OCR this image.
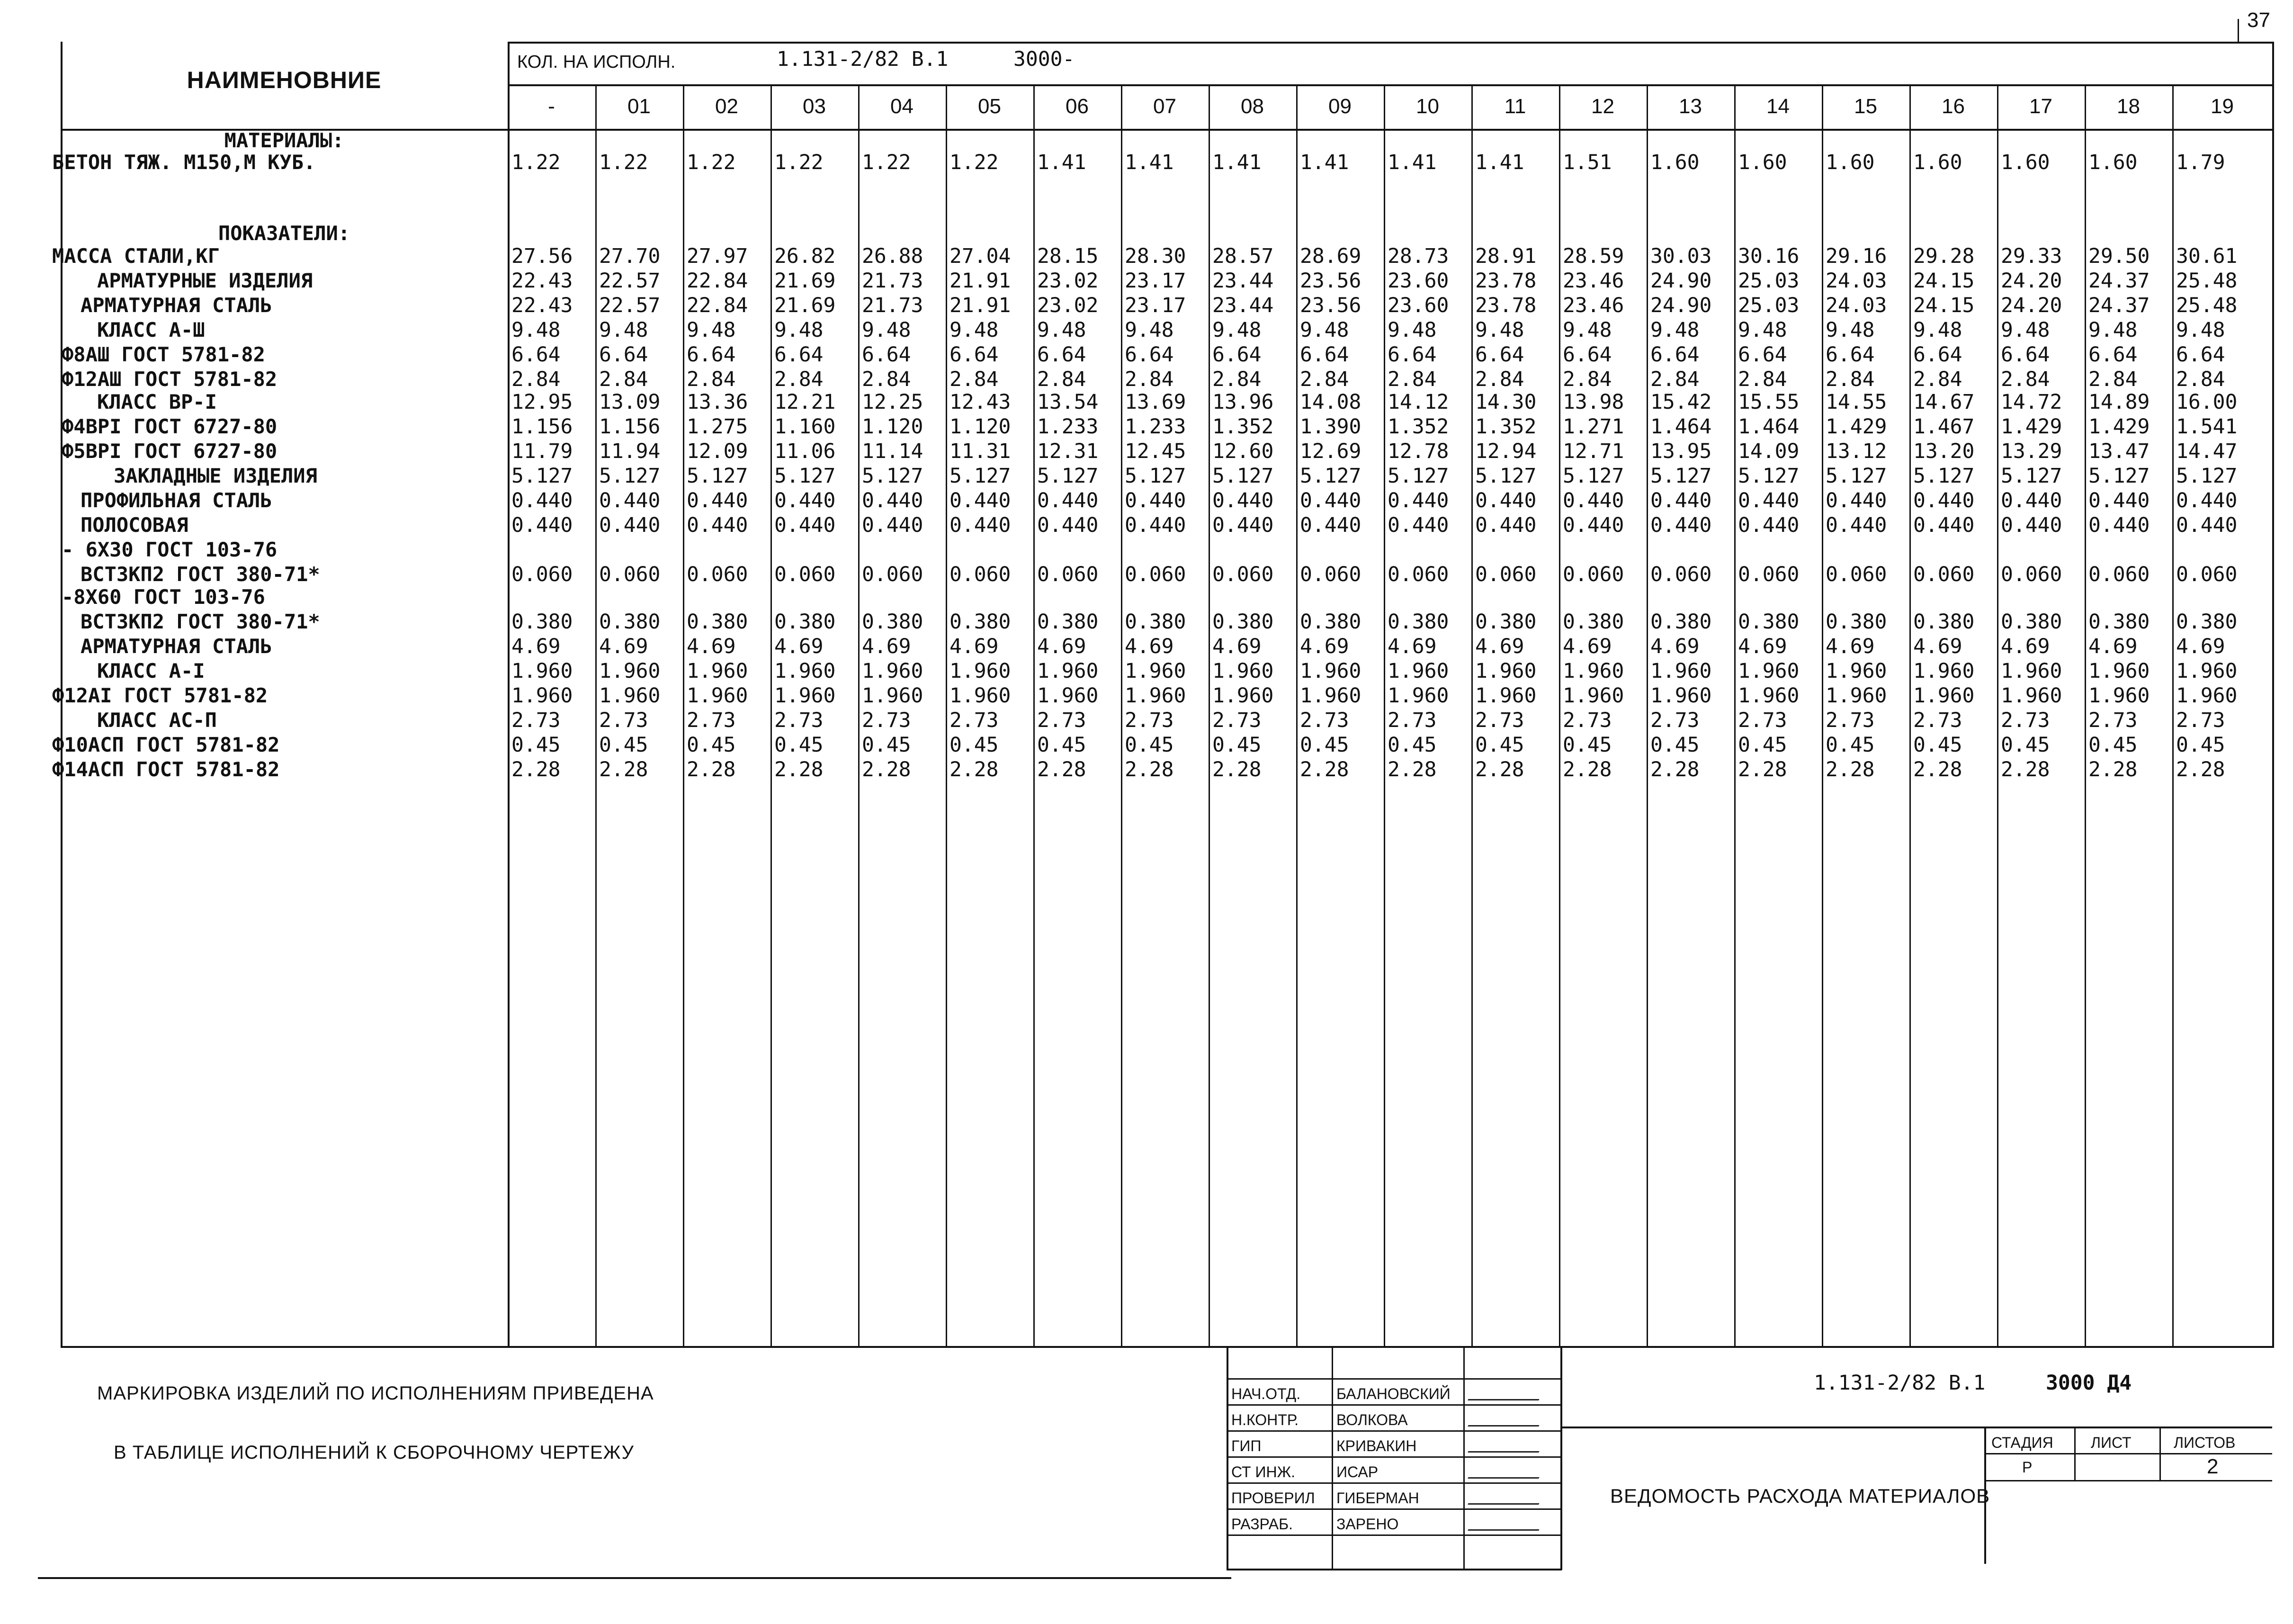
37
НАИМЕНОВНИЕ
КОЛ. НА ИСПОЛН.	1.131-2/82 В.1	3000-
-	01	02	03	04	05	06	07	08	09	10	11	12	13	14	15	16	17	18	19
МАТЕРИАЛЫ:
БЕТОН ТЯЖ. М150,М КУБ.	1.22 1.22 1.22 1.22 1.22 1.22 1.41 1.41 1.41 1.41 1.41 1.41 1.51 1.60 1.60 1.60 1.60 1.60 1.60 1.79
ПОКАЗАТЕЛИ:
МАССА СТАЛИ,КГ	27.56 27.70 27.97 26.82 26.88 27.04 28.15 28.30 28.57 28.69 28.73 28.91 28.59 30.03 30.16 29.16 29.28 29.33 29.50 30.61
АРМАТУРНЫЕ ИЗДЕЛИЯ	22.43 22.57 22.84 21.69 21.73 21.91 23.02 23.17 23.44 23.56 23.60 23.78 23.46 24.90 25.03 24.03 24.15 24.20 24.37 25.48
АРМАТУРНАЯ СТАЛЬ	22.43 22.57 22.84 21.69 21.73 21.91 23.02 23.17 23.44 23.56 23.60 23.78 23.46 24.90 25.03 24.03 24.15 24.20 24.37 25.48
КЛАСС А-Ш	9.48 9.48 9.48 9.48 9.48 9.48 9.48 9.48 9.48 9.48 9.48 9.48 9.48 9.48 9.48 9.48 9.48 9.48 9.48 9.48
Ф8АШ ГОСТ 5781-82	6.64 6.64 6.64 6.64 6.64 6.64 6.64 6.64 6.64 6.64 6.64 6.64 6.64 6.64 6.64 6.64 6.64 6.64 6.64 6.64
Ф12АШ ГОСТ 5781-82	2.84 2.84 2.84 2.84 2.84 2.84 2.84 2.84 2.84 2.84 2.84 2.84 2.84 2.84 2.84 2.84 2.84 2.84 2.84 2.84
КЛАСС ВР-I	12.95 13.09 13.36 12.21 12.25 12.43 13.54 13.69 13.96 14.08 14.12 14.30 13.98 15.42 15.55 14.55 14.67 14.72 14.89 16.00
Ф4ВРI ГОСТ 6727-80	1.156 1.156 1.275 1.160 1.120 1.120 1.233 1.233 1.352 1.390 1.352 1.352 1.271 1.464 1.464 1.429 1.467 1.429 1.429 1.541
Ф5ВРI ГОСТ 6727-80	11.79 11.94 12.09 11.06 11.14 11.31 12.31 12.45 12.60 12.69 12.78 12.94 12.71 13.95 14.09 13.12 13.20 13.29 13.47 14.47
ЗАКЛАДНЫЕ ИЗДЕЛИЯ	5.127 5.127 5.127 5.127 5.127 5.127 5.127 5.127 5.127 5.127 5.127 5.127 5.127 5.127 5.127 5.127 5.127 5.127 5.127 5.127
ПРОФИЛЬНАЯ СТАЛЬ	0.440 0.440 0.440 0.440 0.440 0.440 0.440 0.440 0.440 0.440 0.440 0.440 0.440 0.440 0.440 0.440 0.440 0.440 0.440 0.440
ПОЛОСОВАЯ	0.440 0.440 0.440 0.440 0.440 0.440 0.440 0.440 0.440 0.440 0.440 0.440 0.440 0.440 0.440 0.440 0.440 0.440 0.440 0.440
- 6Х30 ГОСТ 103-76
ВСТ3КП2 ГОСТ 380-71*	0.060 0.060 0.060 0.060 0.060 0.060 0.060 0.060 0.060 0.060 0.060 0.060 0.060 0.060 0.060 0.060 0.060 0.060 0.060 0.060
-8Х60 ГОСТ 103-76
ВСТ3КП2 ГОСТ 380-71*	0.380 0.380 0.380 0.380 0.380 0.380 0.380 0.380 0.380 0.380 0.380 0.380 0.380 0.380 0.380 0.380 0.380 0.380 0.380 0.380
АРМАТУРНАЯ СТАЛЬ	4.69 4.69 4.69 4.69 4.69 4.69 4.69 4.69 4.69 4.69 4.69 4.69 4.69 4.69 4.69 4.69 4.69 4.69 4.69 4.69
КЛАСС А-I	1.960 1.960 1.960 1.960 1.960 1.960 1.960 1.960 1.960 1.960 1.960 1.960 1.960 1.960 1.960 1.960 1.960 1.960 1.960 1.960
Ф12АI ГОСТ 5781-82	1.960 1.960 1.960 1.960 1.960 1.960 1.960 1.960 1.960 1.960 1.960 1.960 1.960 1.960 1.960 1.960 1.960 1.960 1.960 1.960
КЛАСС АС-П	2.73 2.73 2.73 2.73 2.73 2.73 2.73 2.73 2.73 2.73 2.73 2.73 2.73 2.73 2.73 2.73 2.73 2.73 2.73 2.73
Ф10АСП ГОСТ 5781-82	0.45 0.45 0.45 0.45 0.45 0.45 0.45 0.45 0.45 0.45 0.45 0.45 0.45 0.45 0.45 0.45 0.45 0.45 0.45 0.45
Ф14АСП ГОСТ 5781-82	2.28 2.28 2.28 2.28 2.28 2.28 2.28 2.28 2.28 2.28 2.28 2.28 2.28 2.28 2.28 2.28 2.28 2.28 2.28 2.28
МАРКИРОВКА ИЗДЕЛИЙ ПО ИСПОЛНЕНИЯМ ПРИВЕДЕНА
В ТАБЛИЦЕ ИСПОЛНЕНИЙ К СБОРОЧНОМУ ЧЕРТЕЖУ
НАЧ.ОТД. БАЛАНОВСКИЙ
Н.КОНТР. ВОЛКОВА
ГИП	КРИВАКИН
СТ ИНЖ.	ИСАР
ПРОВЕРИЛ ГИБЕРМАН
РАЗРАБ.	ЗАРЕНО
1.131-2/82 В.1	3000 Д4
ВЕДОМОСТЬ РАСХОДА МАТЕРИАЛОВ
СТАДИЯ ЛИСТ	ЛИСТОВ
Р	2
